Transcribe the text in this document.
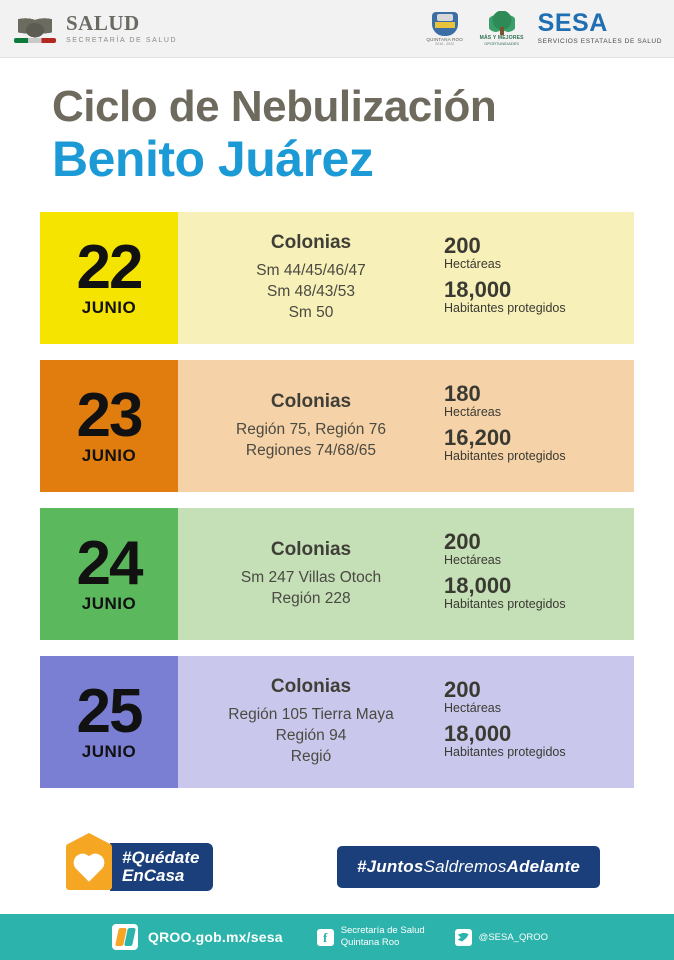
SALUD
SECRETARÍA DE SALUD	QUINTANA ROO
2016 - 2022
MÁS Y MEJORES
OPORTUNIDADES
SESA
SERVICIOS ESTATALES DE SALUD
Ciclo de Nebulización
Benito Juárez
22
JUNIO
Colonias
Sm 44/45/46/47
Sm 48/43/53
Sm 50
200
Hectáreas
18,000
Habitantes protegidos
23
JUNIO
Colonias
Región 75, Región 76
Regiones 74/68/65
180
Hectáreas
16,200
Habitantes protegidos
24
JUNIO
Colonias
Sm 247 Villas Otoch
Región 228
200
Hectáreas
18,000
Habitantes protegidos
25
JUNIO
Colonias
Región 105 Tierra Maya
Región 94
Regió
200
Hectáreas
18,000
Habitantes protegidos
#Quédate
EnCasa	#JuntosSaldremosAdelante
QROO.gob.mx/sesa	f	Secretaría de Salud
Quintana Roo	@SESA_QROO
